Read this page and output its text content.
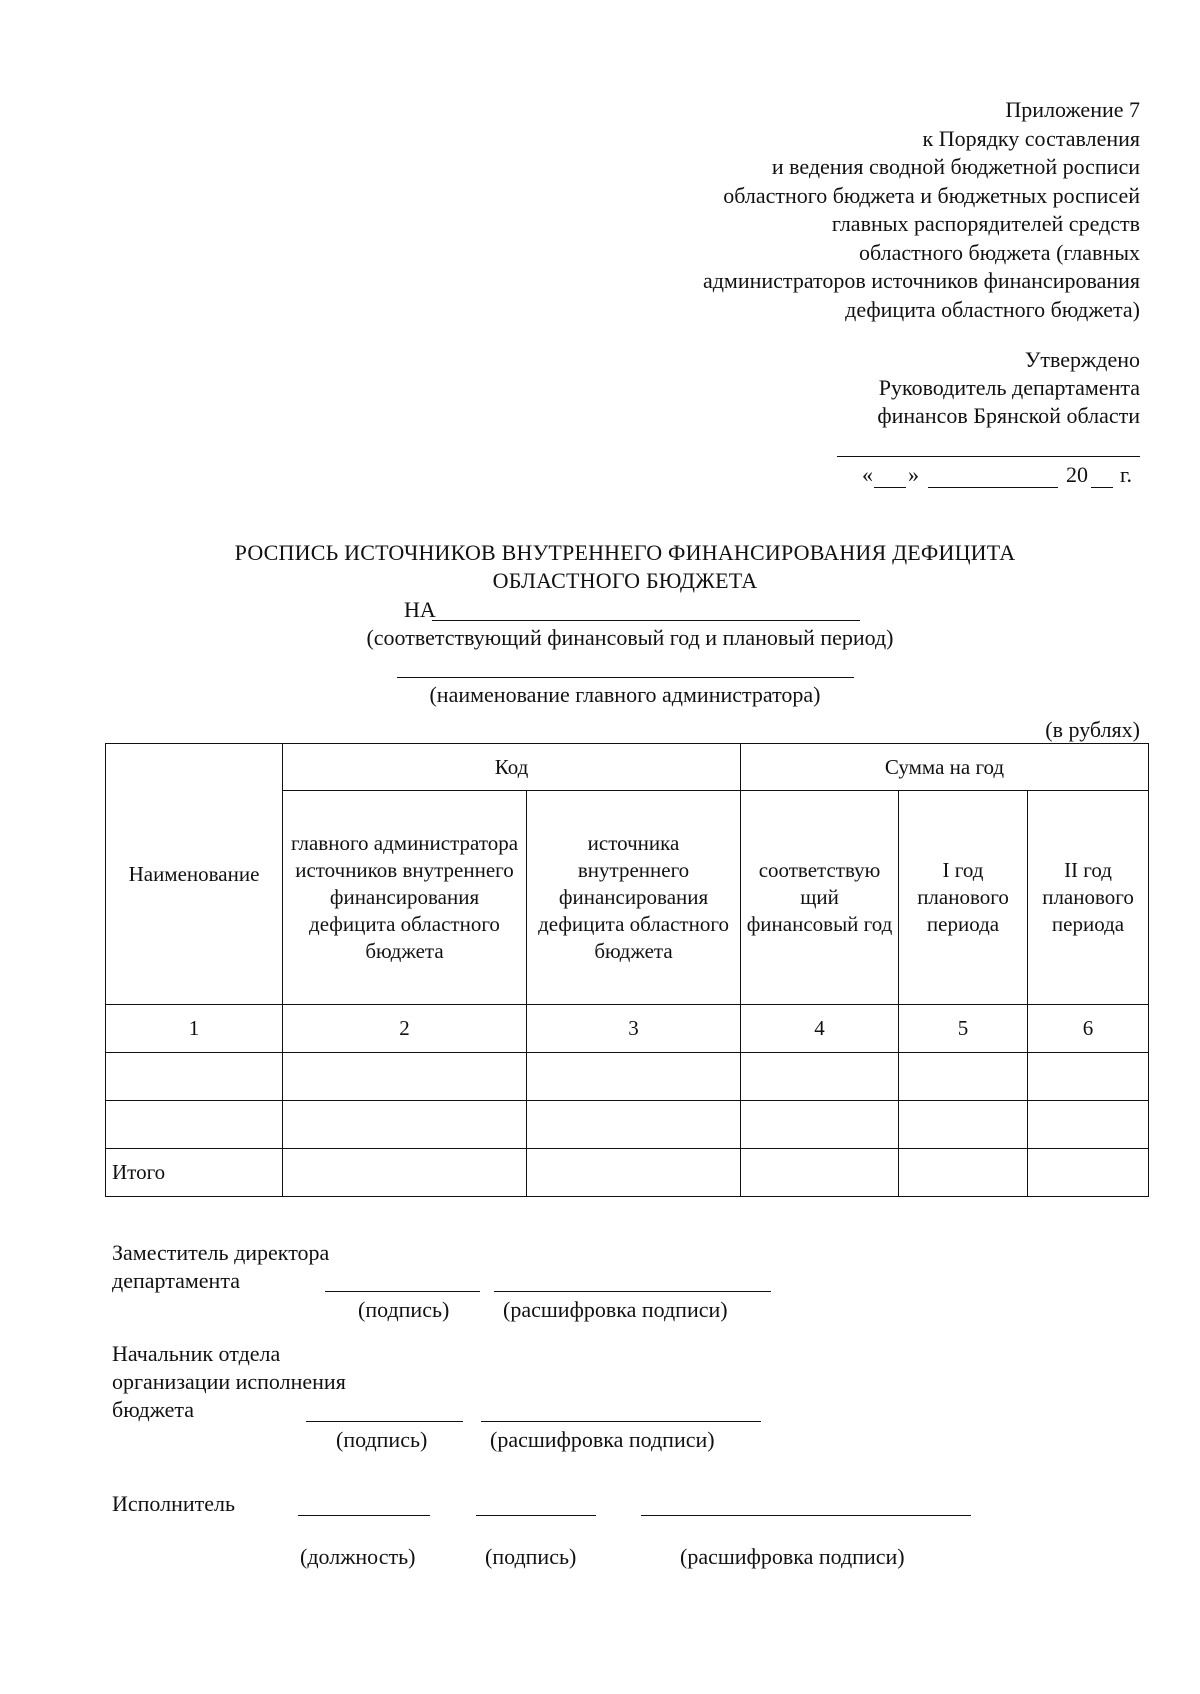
Приложение 7
к Порядку составления
и ведения сводной бюджетной росписи
областного бюджета и бюджетных росписей
главных распорядителей средств
областного бюджета (главных
администраторов источников финансирования
дефицита областного бюджета)
Утверждено
Руководитель департамента
финансов Брянской области
« »	20 г.
РОСПИСЬ ИСТОЧНИКОВ ВНУТРЕННЕГО ФИНАНСИРОВАНИЯ ДЕФИЦИТА
ОБЛАСТНОГО БЮДЖЕТА
НА
(соответствующий финансовый год и плановый период)
(наименование главного администратора)
(в рублях)
Наименование	Код		Сумма на год		
	главного администратора источников внутреннего финансирования дефицита областного бюджета	источника внутреннего финансирования дефицита областного бюджета	соответствую щий финансовый год	I год планового периода	II год планового периода
1	2	3	4	5	6

Итого					
Заместитель директора
департамента
(подпись) (расшифровка подписи)
Начальник отдела
организации исполнения
бюджета
(подпись)	(расшифровка подписи)
Исполнитель
(должность)	(подпись)	(расшифровка подписи)
